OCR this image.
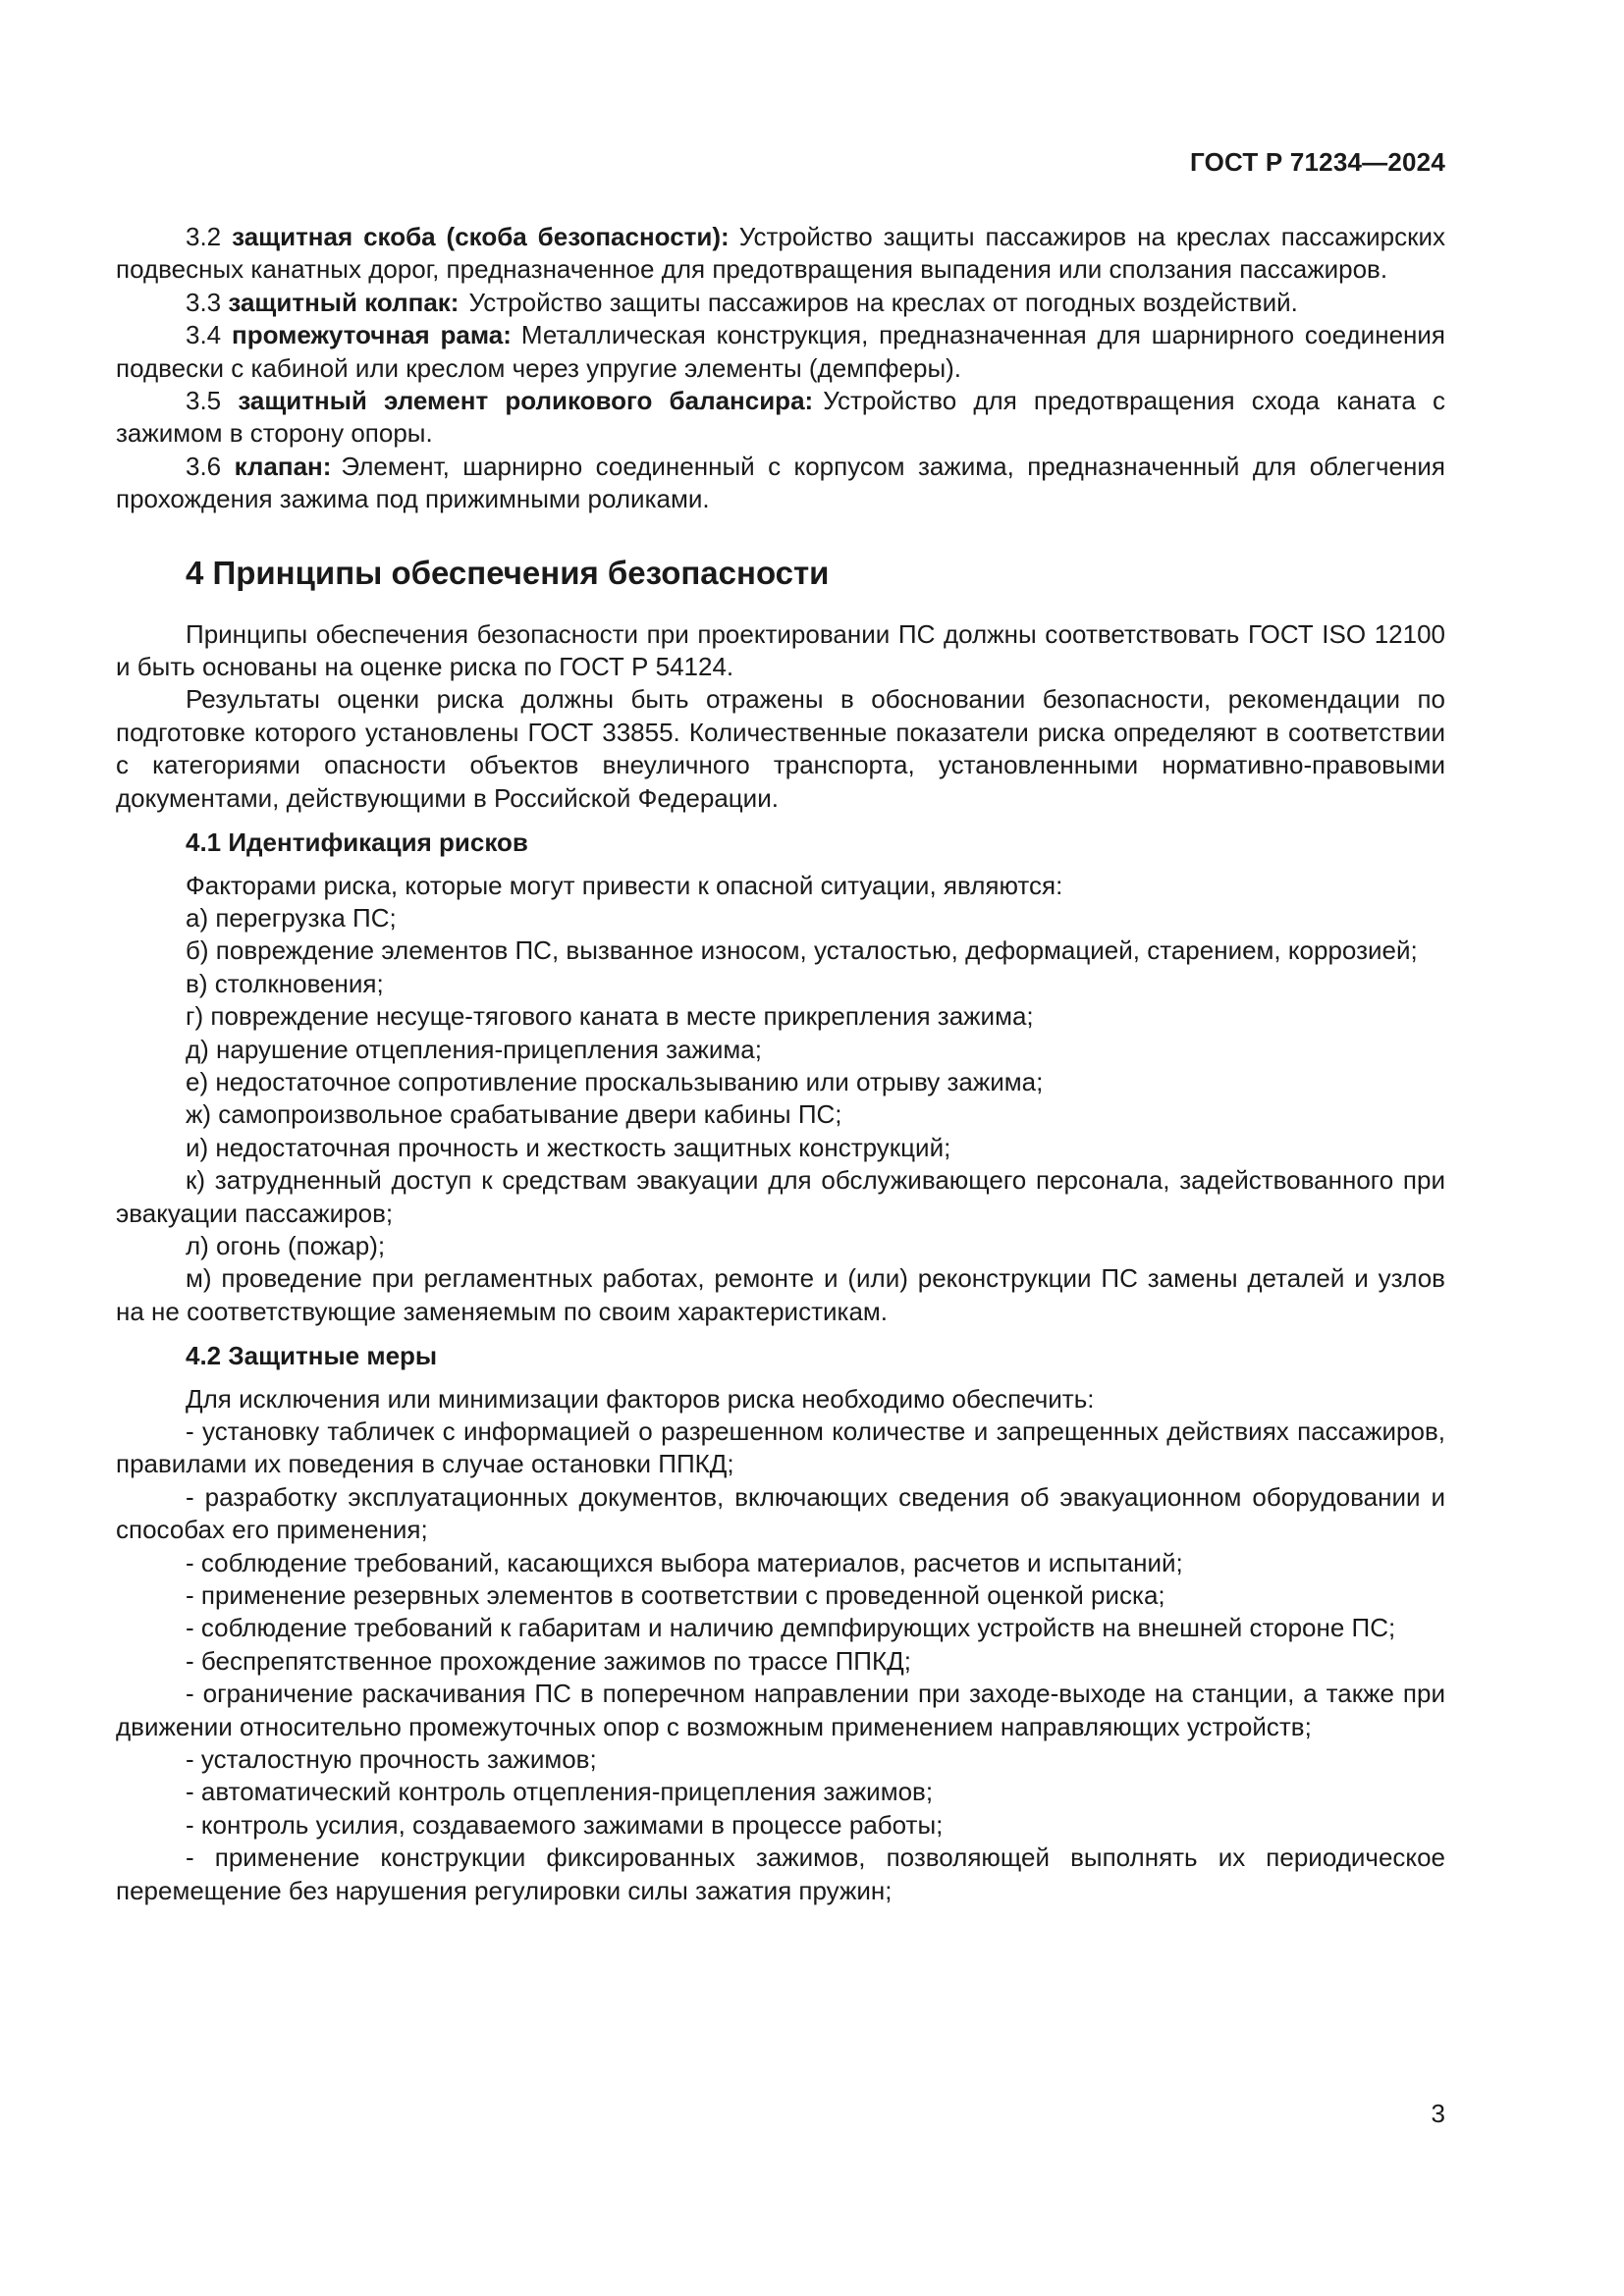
ГОСТ Р 71234—2024

3.2 защитная скоба (скоба безопасности): Устройство защиты пассажиров на креслах пассажирских подвесных канатных дорог, предназначенное для предотвращения выпадения или сползания пассажиров.

3.3 защитный колпак: Устройство защиты пассажиров на креслах от погодных воздействий.

3.4 промежуточная рама: Металлическая конструкция, предназначенная для шарнирного соединения подвески с кабиной или креслом через упругие элементы (демпферы).

3.5 защитный элемент роликового балансира: Устройство для предотвращения схода каната с зажимом в сторону опоры.

3.6 клапан: Элемент, шарнирно соединенный с корпусом зажима, предназначенный для облегчения прохождения зажима под прижимными роликами.

4 Принципы обеспечения безопасности

Принципы обеспечения безопасности при проектировании ПС должны соответствовать ГОСТ ISO 12100 и быть основаны на оценке риска по ГОСТ Р 54124.

Результаты оценки риска должны быть отражены в обосновании безопасности, рекомендации по подготовке которого установлены ГОСТ 33855. Количественные показатели риска определяют в соответствии с категориями опасности объектов внеуличного транспорта, установленными нормативно-правовыми документами, действующими в Российской Федерации.

4.1 Идентификация рисков

Факторами риска, которые могут привести к опасной ситуации, являются:

а) перегрузка ПС;

б) повреждение элементов ПС, вызванное износом, усталостью, деформацией, старением, коррозией;

в) столкновения;

г) повреждение несуще-тягового каната в месте прикрепления зажима;

д) нарушение отцепления-прицепления зажима;

е) недостаточное сопротивление проскальзыванию или отрыву зажима;

ж) самопроизвольное срабатывание двери кабины ПС;

и) недостаточная прочность и жесткость защитных конструкций;

к) затрудненный доступ к средствам эвакуации для обслуживающего персонала, задействованного при эвакуации пассажиров;

л) огонь (пожар);

м) проведение при регламентных работах, ремонте и (или) реконструкции ПС замены деталей и узлов на не соответствующие заменяемым по своим характеристикам.

4.2 Защитные меры

Для исключения или минимизации факторов риска необходимо обеспечить:

- установку табличек с информацией о разрешенном количестве и запрещенных действиях пассажиров, правилами их поведения в случае остановки ППКД;

- разработку эксплуатационных документов, включающих сведения об эвакуационном оборудовании и способах его применения;

- соблюдение требований, касающихся выбора материалов, расчетов и испытаний;

- применение резервных элементов в соответствии с проведенной оценкой риска;

- соблюдение требований к габаритам и наличию демпфирующих устройств на внешней стороне ПС;

- беспрепятственное прохождение зажимов по трассе ППКД;

- ограничение раскачивания ПС в поперечном направлении при заходе-выходе на станции, а также при движении относительно промежуточных опор с возможным применением направляющих устройств;

- усталостную прочность зажимов;

- автоматический контроль отцепления-прицепления зажимов;

- контроль усилия, создаваемого зажимами в процессе работы;

- применение конструкции фиксированных зажимов, позволяющей выполнять их периодическое перемещение без нарушения регулировки силы зажатия пружин;

3
